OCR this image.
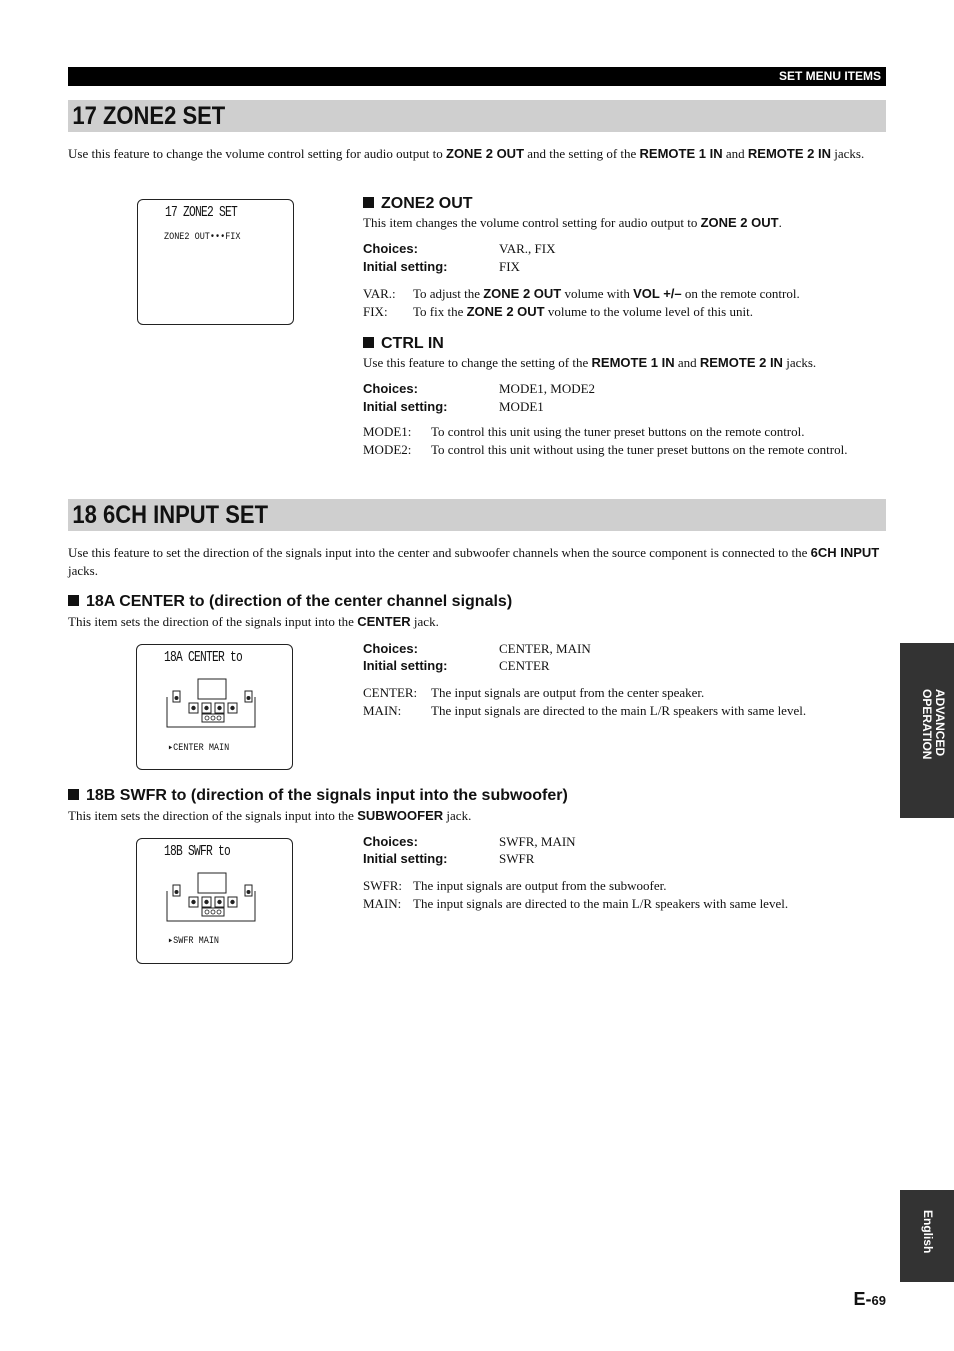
SET MENU ITEMS
17 ZONE2 SET

Use this feature to change the volume control setting for audio output to ZONE 2 OUT and the setting of the REMOTE 1 IN and REMOTE 2 IN jacks.

17 ZONE2 SET
ZONE2 OUT•••FIX
ZONE2 OUT

This item changes the volume control setting for audio output to ZONE 2 OUT.

Choices:	VAR., FIX
Initial setting:	FIX
VAR.: To adjust the ZONE 2 OUT volume with VOL +/– on the remote control.
FIX: To fix the ZONE 2 OUT volume to the volume level of this unit.
CTRL IN

Use this feature to change the setting of the REMOTE 1 IN and REMOTE 2 IN jacks.

Choices:	MODE1, MODE2
Initial setting:	MODE1
MODE1: To control this unit using the tuner preset buttons on the remote control.
MODE2: To control this unit without using the tuner preset buttons on the remote control.
18 6CH INPUT SET

Use this feature to set the direction of the signals input into the center and subwoofer channels when the source component is connected to the 6CH INPUT jacks.

18A CENTER to (direction of the center channel signals)

This item sets the direction of the signals input into the CENTER jack.

18A CENTER to
▸CENTER MAIN
Choices:	CENTER, MAIN
Initial setting:	CENTER
CENTER: The input signals are output from the center speaker.
MAIN: The input signals are directed to the main L/R speakers with same level.
18B SWFR to (direction of the signals input into the subwoofer)

This item sets the direction of the signals input into the SUBWOOFER jack.

18B SWFR to
▸SWFR MAIN
Choices:	SWFR, MAIN
Initial setting:	SWFR
SWFR: The input signals are output from the subwoofer.
MAIN: The input signals are directed to the main L/R speakers with same level.
ADVANCED OPERATION
English
E-69
